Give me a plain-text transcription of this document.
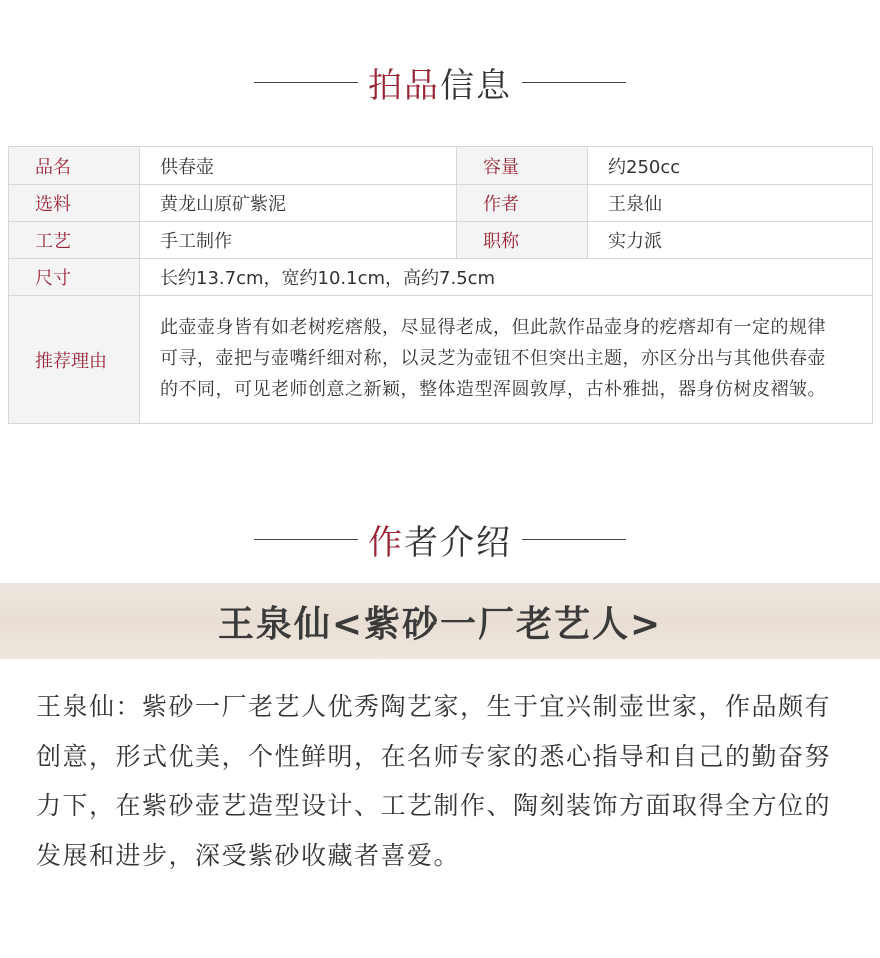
拍品信息
品名	供春壶	容量	约250cc
选料	黄龙山原矿紫泥	作者	王泉仙
工艺	手工制作	职称	实力派
尺寸	长约13.7cm，宽约10.1cm，高约7.5cm		
推荐理由	此壶壶身皆有如老树疙瘩般，尽显得老成，但此款作品壶身的疙瘩却有一定的规律可寻，壶把与壶嘴纤细对称，以灵芝为壶钮不但突出主题，亦区分出与其他供春壶的不同，可见老师创意之新颖，整体造型浑圆敦厚，古朴雅拙，器身仿树皮褶皱。		
作者介绍
王泉仙<紫砂一厂老艺人>
王泉仙：紫砂一厂老艺人优秀陶艺家，生于宜兴制壶世家，作品颇有创意，形式优美，个性鲜明，在名师专家的悉心指导和自己的勤奋努力下，在紫砂壶艺造型设计、工艺制作、陶刻装饰方面取得全方位的发展和进步，深受紫砂收藏者喜爱。
